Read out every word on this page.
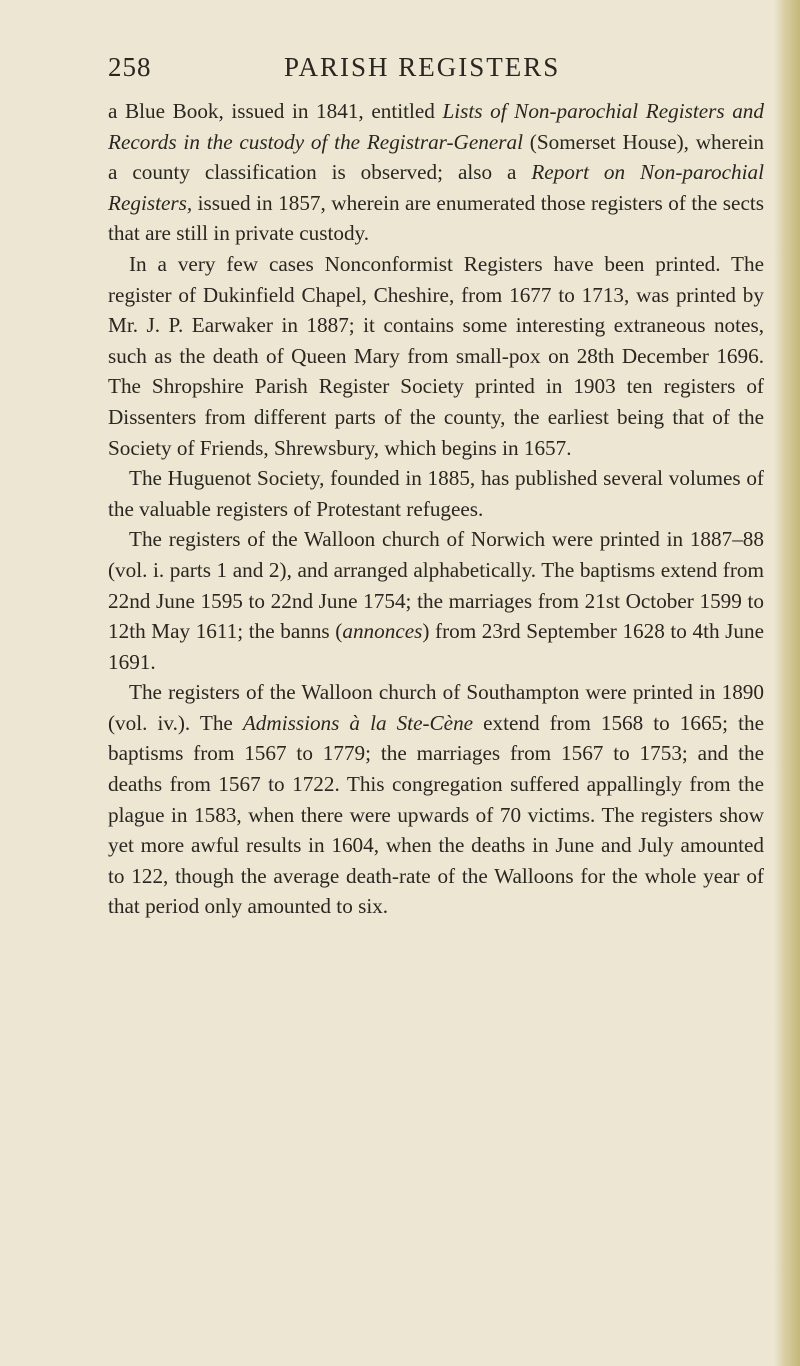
258	PARISH REGISTERS

a Blue Book, issued in 1841, entitled Lists of Non-parochial Registers and Records in the custody of the Registrar-General (Somerset House), wherein a county classification is observed; also a Report on Non-parochial Registers, issued in 1857, wherein are enumerated those registers of the sects that are still in private custody.

In a very few cases Nonconformist Registers have been printed. The register of Dukinfield Chapel, Cheshire, from 1677 to 1713, was printed by Mr. J. P. Earwaker in 1887; it contains some interesting extraneous notes, such as the death of Queen Mary from small-pox on 28th December 1696. The Shropshire Parish Register Society printed in 1903 ten registers of Dissenters from different parts of the county, the earliest being that of the Society of Friends, Shrewsbury, which begins in 1657.

The Huguenot Society, founded in 1885, has published several volumes of the valuable registers of Protestant refugees.

The registers of the Walloon church of Norwich were printed in 1887–88 (vol. i. parts 1 and 2), and arranged alphabetically. The baptisms extend from 22nd June 1595 to 22nd June 1754; the marriages from 21st October 1599 to 12th May 1611; the banns (annonces) from 23rd September 1628 to 4th June 1691.

The registers of the Walloon church of Southampton were printed in 1890 (vol. iv.). The Admissions à la Ste-Cène extend from 1568 to 1665; the baptisms from 1567 to 1779; the marriages from 1567 to 1753; and the deaths from 1567 to 1722. This congregation suffered appallingly from the plague in 1583, when there were upwards of 70 victims. The registers show yet more awful results in 1604, when the deaths in June and July amounted to 122, though the average death-rate of the Walloons for the whole year of that period only amounted to six.
